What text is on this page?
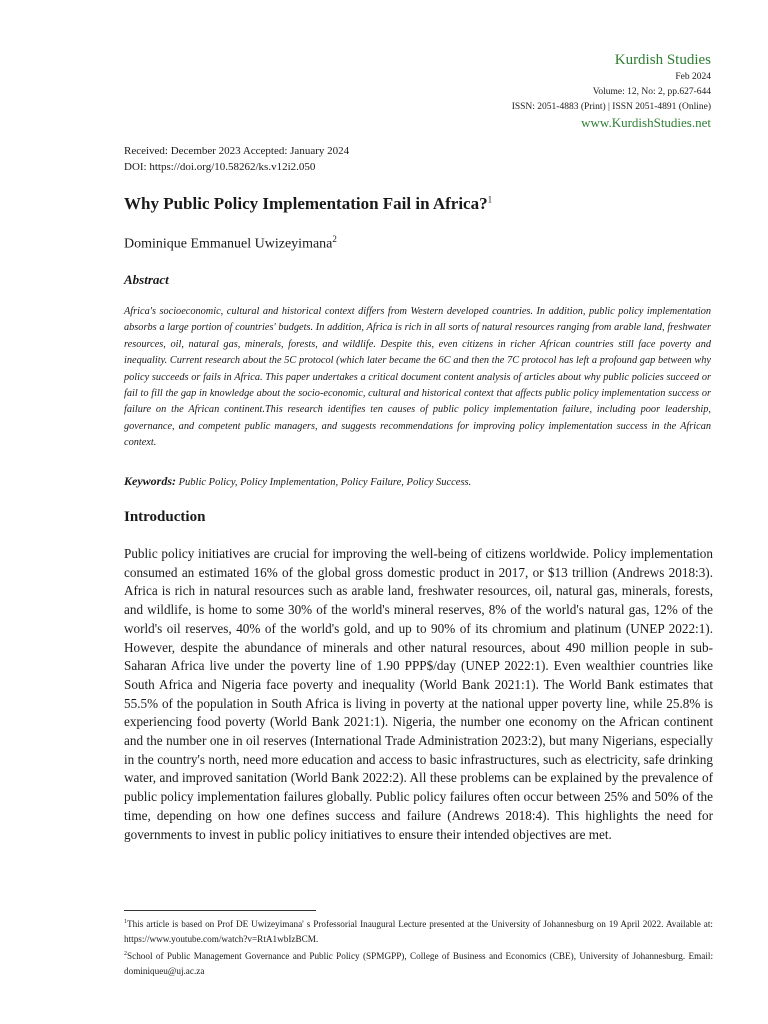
Kurdish Studies
Feb 2024
Volume: 12, No: 2, pp.627-644
ISSN: 2051-4883 (Print) | ISSN 2051-4891 (Online)
www.KurdishStudies.net
Received: December 2023 Accepted: January 2024
DOI: https://doi.org/10.58262/ks.v12i2.050
Why Public Policy Implementation Fail in Africa?$^1$
Dominique Emmanuel Uwizeyimana$^2$
Abstract
Africa's socioeconomic, cultural and historical context differs from Western developed countries. In addition, public policy implementation absorbs a large portion of countries' budgets. In addition, Africa is rich in all sorts of natural resources ranging from arable land, freshwater resources, oil, natural gas, minerals, forests, and wildlife. Despite this, even citizens in richer African countries still face poverty and inequality. Current research about the 5C protocol (which later became the 6C and then the 7C protocol has left a profound gap between why policy succeeds or fails in Africa. This paper undertakes a critical document content analysis of articles about why public policies succeed or fail to fill the gap in knowledge about the socio-economic, cultural and historical context that affects public policy implementation success or failure on the African continent.This research identifies ten causes of public policy implementation failure, including poor leadership, governance, and competent public managers, and suggests recommendations for improving policy implementation success in the African context.
Keywords: Public Policy, Policy Implementation, Policy Failure, Policy Success.
Introduction
Public policy initiatives are crucial for improving the well-being of citizens worldwide. Policy implementation consumed an estimated 16% of the global gross domestic product in 2017, or $13 trillion (Andrews 2018:3). Africa is rich in natural resources such as arable land, freshwater resources, oil, natural gas, minerals, forests, and wildlife, is home to some 30% of the world's mineral reserves, 8% of the world's natural gas, 12% of the world's oil reserves, 40% of the world's gold, and up to 90% of its chromium and platinum (UNEP 2022:1). However, despite the abundance of minerals and other natural resources, about 490 million people in sub-Saharan Africa live under the poverty line of 1.90 PPP$/day (UNEP 2022:1). Even wealthier countries like South Africa and Nigeria face poverty and inequality (World Bank 2021:1). The World Bank estimates that 55.5% of the population in South Africa is living in poverty at the national upper poverty line, while 25.8% is experiencing food poverty (World Bank 2021:1). Nigeria, the number one economy on the African continent and the number one in oil reserves (International Trade Administration 2023:2), but many Nigerians, especially in the country's north, need more education and access to basic infrastructures, such as electricity, safe drinking water, and improved sanitation (World Bank 2022:2). All these problems can be explained by the prevalence of public policy implementation failures globally. Public policy failures often occur between 25% and 50% of the time, depending on how one defines success and failure (Andrews 2018:4). This highlights the need for governments to invest in public policy initiatives to ensure their intended objectives are met.

$^1$This article is based on Prof DE Uwizeyimana' s Professorial Inaugural Lecture presented at the University of Johannesburg on 19 April 2022. Available at: https://www.youtube.com/watch?v=RtA1wbIzBCM.

$^2$School of Public Management Governance and Public Policy (SPMGPP), College of Business and Economics (CBE), University of Johannesburg. Email: dominiqueu@uj.ac.za
